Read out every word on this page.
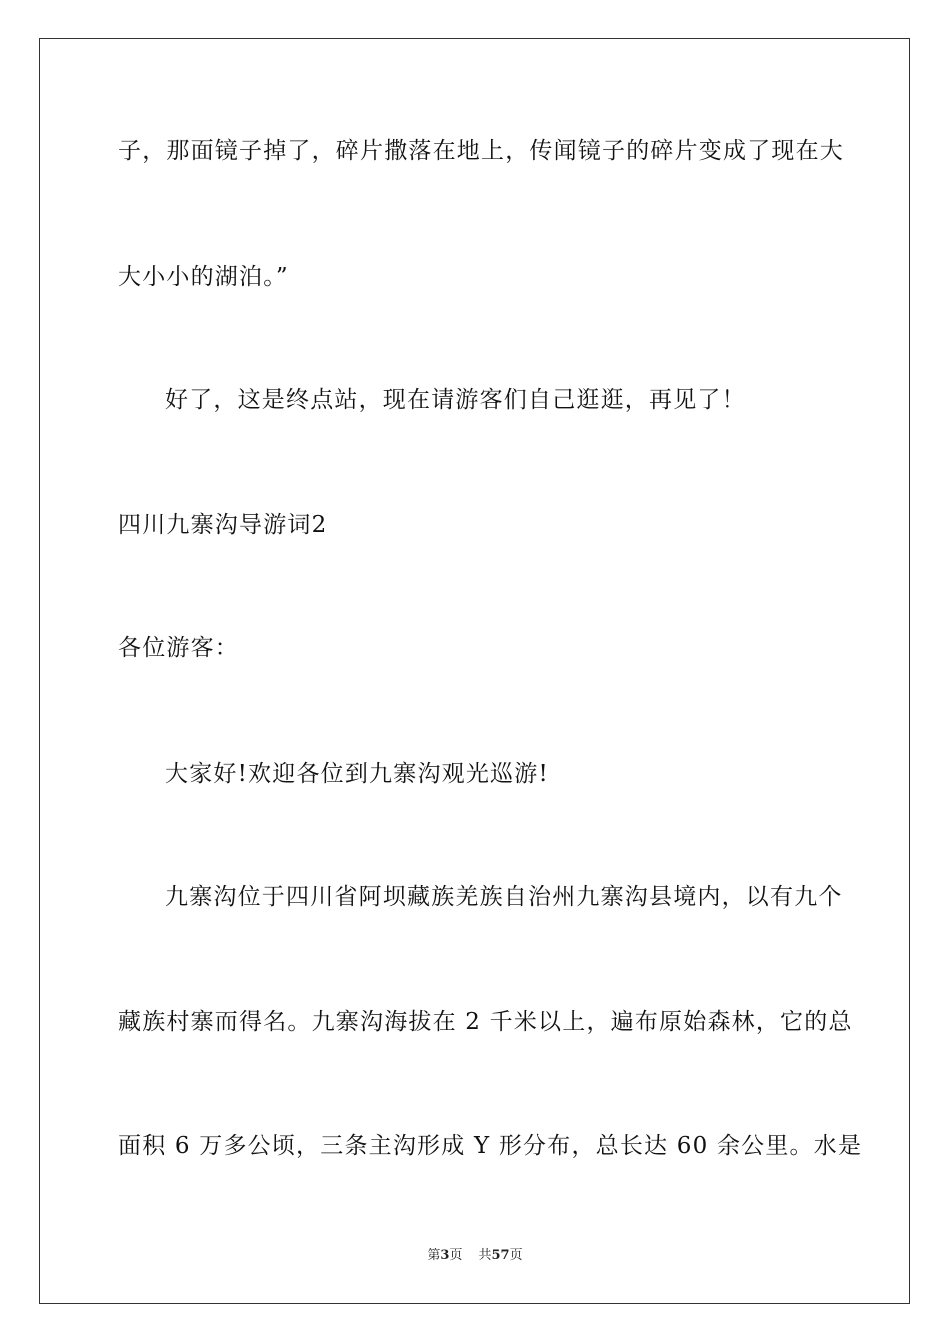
子，那面镜子掉了，碎片撒落在地上，传闻镜子的碎片变成了现在大
大小小的湖泊。”
好了，这是终点站，现在请游客们自己逛逛，再见了！
四川九寨沟导游词2
各位游客：
大家好!欢迎各位到九寨沟观光巡游!
九寨沟位于四川省阿坝藏族羌族自治州九寨沟县境内，以有九个
藏族村寨而得名。九寨沟海拔在 2 千米以上，遍布原始森林，它的总
面积 6 万多公顷，三条主沟形成 Y 形分布，总长达 60 余公里。水是
第3页 共57页
